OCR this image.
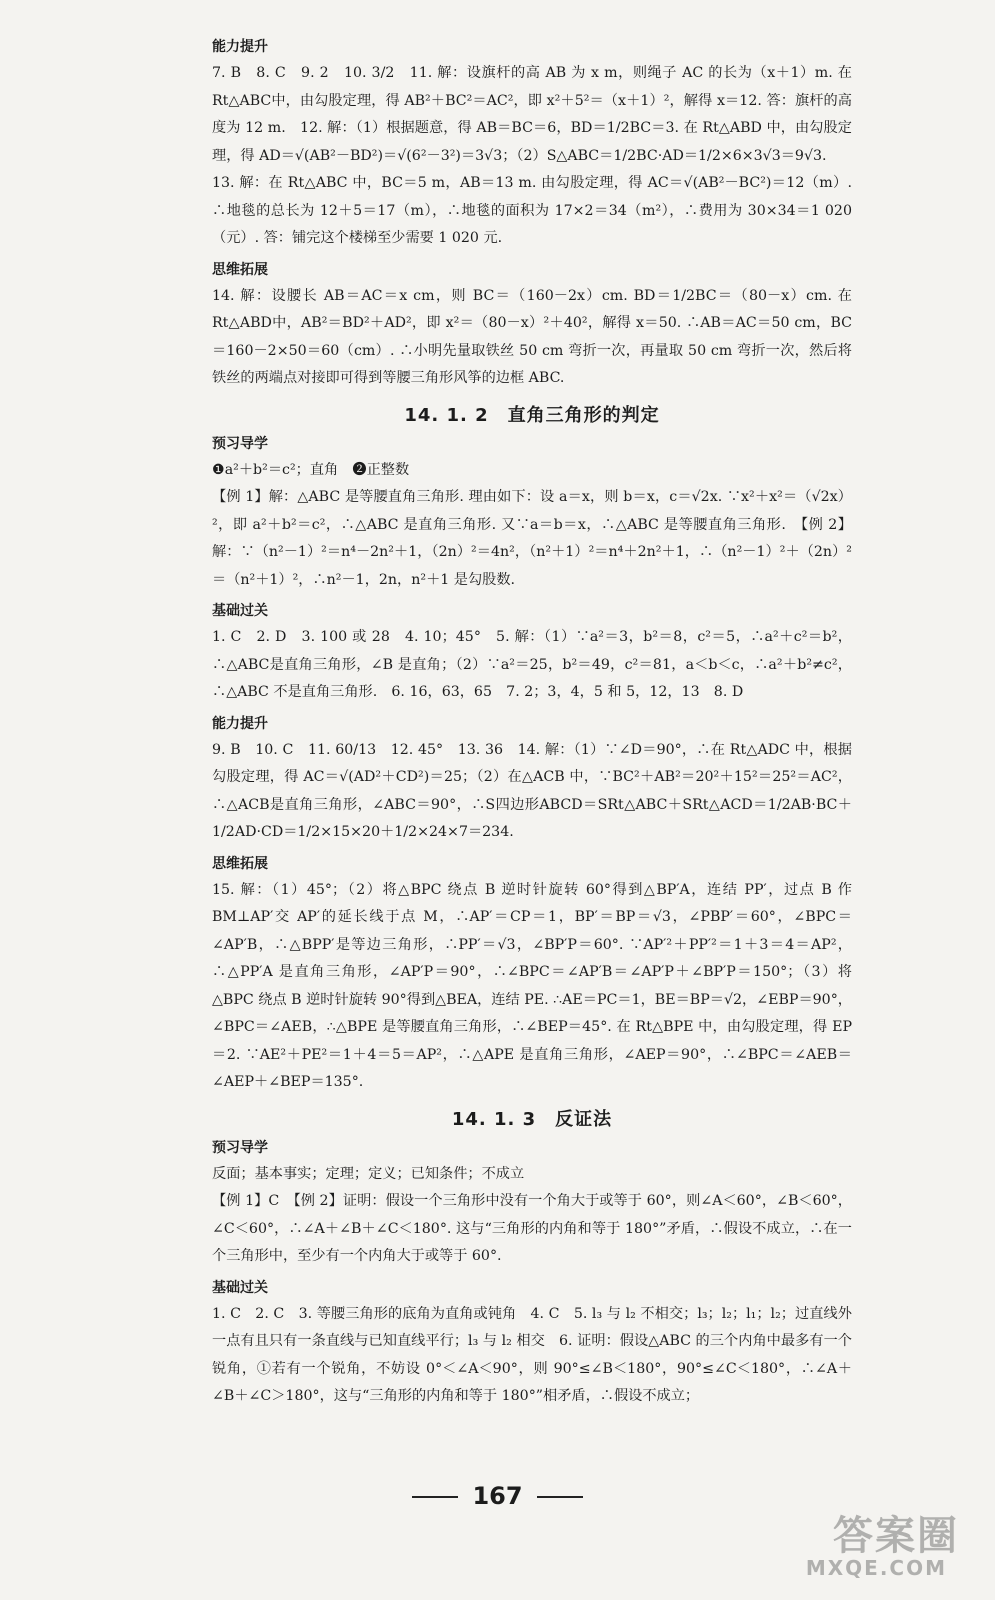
能力提升

7. B　8. C　9. 2　10. 3/2　11. 解：设旗杆的高 AB 为 x m，则绳子 AC 的长为（x＋1）m. 在 Rt△ABC中，由勾股定理，得 AB²＋BC²＝AC²，即 x²＋5²＝（x＋1）²，解得 x＝12. 答：旗杆的高度为 12 m.　12. 解：（1）根据题意，得 AB＝BC＝6，BD＝1/2BC＝3. 在 Rt△ABD 中，由勾股定理，得 AD＝√(AB²－BD²)＝√(6²－3²)＝3√3；（2）S△ABC＝1/2BC·AD＝1/2×6×3√3＝9√3.

13. 解：在 Rt△ABC 中，BC＝5 m，AB＝13 m. 由勾股定理，得 AC＝√(AB²－BC²)＝12（m）. ∴地毯的总长为 12＋5＝17（m），∴地毯的面积为 17×2＝34（m²），∴费用为 30×34＝1 020（元）. 答：铺完这个楼梯至少需要 1 020 元.

思维拓展

14. 解：设腰长 AB＝AC＝x cm，则 BC＝（160－2x）cm. BD＝1/2BC＝（80－x）cm. 在 Rt△ABD中，AB²＝BD²＋AD²，即 x²＝（80－x）²＋40²，解得 x＝50. ∴AB＝AC＝50 cm，BC＝160－2×50＝60（cm）. ∴小明先量取铁丝 50 cm 弯折一次，再量取 50 cm 弯折一次，然后将铁丝的两端点对接即可得到等腰三角形风筝的边框 ABC.

14. 1. 2　直角三角形的判定
预习导学

❶a²＋b²＝c²；直角　❷正整数

【例 1】解：△ABC 是等腰直角三角形. 理由如下：设 a＝x，则 b＝x，c＝√2x. ∵x²＋x²＝（√2x）²，即 a²＋b²＝c²，∴△ABC 是直角三角形. 又∵a＝b＝x，∴△ABC 是等腰直角三角形.　【例 2】解：∵（n²－1）²＝n⁴－2n²＋1，（2n）²＝4n²，（n²＋1）²＝n⁴＋2n²＋1，∴（n²－1）²＋（2n）²＝（n²＋1）²，∴n²－1，2n，n²＋1 是勾股数.

基础过关

1. C　2. D　3. 100 或 28　4. 10；45°　5. 解：（1）∵a²＝3，b²＝8，c²＝5，∴a²＋c²＝b²，∴△ABC是直角三角形，∠B 是直角；（2）∵a²＝25，b²＝49，c²＝81，a＜b＜c，∴a²＋b²≠c²，∴△ABC 不是直角三角形.　6. 16，63，65　7. 2；3，4，5 和 5，12，13　8. D

能力提升

9. B　10. C　11. 60/13　12. 45°　13. 36　14. 解：（1）∵∠D＝90°，∴在 Rt△ADC 中，根据勾股定理，得 AC＝√(AD²＋CD²)＝25；（2）在△ACB 中，∵BC²＋AB²＝20²＋15²＝25²＝AC²，∴△ACB是直角三角形，∠ABC＝90°，∴S四边形ABCD＝SRt△ABC＋SRt△ACD＝1/2AB·BC＋1/2AD·CD＝1/2×15×20＋1/2×24×7＝234.

思维拓展

15. 解：（1）45°；（2）将△BPC 绕点 B 逆时针旋转 60°得到△BP′A，连结 PP′，过点 B 作 BM⊥AP′交 AP′的延长线于点 M，∴AP′＝CP＝1，BP′＝BP＝√3，∠PBP′＝60°，∠BPC＝∠AP′B，∴△BPP′是等边三角形，∴PP′＝√3，∠BP′P＝60°. ∵AP′²＋PP′²＝1＋3＝4＝AP²，∴△PP′A 是直角三角形，∠AP′P＝90°，∴∠BPC＝∠AP′B＝∠AP′P＋∠BP′P＝150°；（3）将△BPC 绕点 B 逆时针旋转 90°得到△BEA，连结 PE. ∴AE＝PC＝1，BE＝BP＝√2，∠EBP＝90°，∠BPC＝∠AEB，∴△BPE 是等腰直角三角形，∴∠BEP＝45°. 在 Rt△BPE 中，由勾股定理，得 EP＝2. ∵AE²＋PE²＝1＋4＝5＝AP²，∴△APE 是直角三角形，∠AEP＝90°，∴∠BPC＝∠AEB＝∠AEP＋∠BEP＝135°.

14. 1. 3　反证法
预习导学

反面；基本事实；定理；定义；已知条件；不成立

【例 1】C　【例 2】证明：假设一个三角形中没有一个角大于或等于 60°，则∠A＜60°，∠B＜60°，∠C＜60°，∴∠A＋∠B＋∠C＜180°. 这与“三角形的内角和等于 180°”矛盾，∴假设不成立，∴在一个三角形中，至少有一个内角大于或等于 60°.

基础过关

1. C　2. C　3. 等腰三角形的底角为直角或钝角　4. C　5. l₃ 与 l₂ 不相交；l₃；l₂；l₁；l₂；过直线外一点有且只有一条直线与已知直线平行；l₃ 与 l₂ 相交　6. 证明：假设△ABC 的三个内角中最多有一个锐角，①若有一个锐角，不妨设 0°＜∠A＜90°，则 90°≤∠B＜180°，90°≤∠C＜180°，∴∠A＋∠B＋∠C＞180°，这与“三角形的内角和等于 180°”相矛盾，∴假设不成立；

167
答案圈
MXQE.COM
